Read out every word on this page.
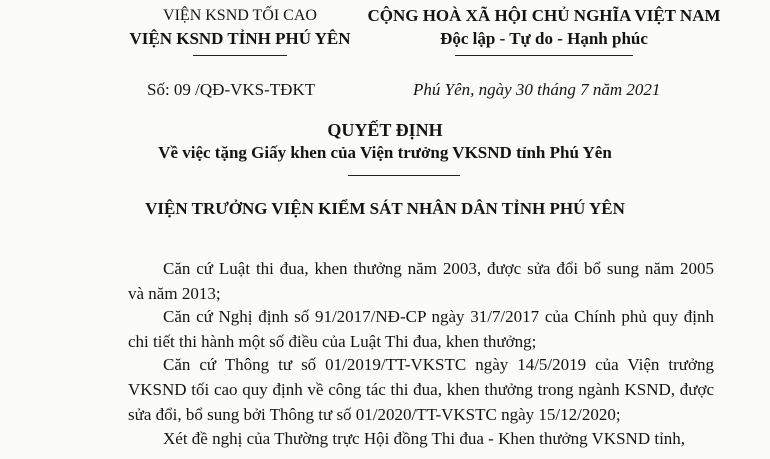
VIỆN KSND TỐI CAO
VIỆN KSND TỈNH PHÚ YÊN
CỘNG HOÀ XÃ HỘI CHỦ NGHĨA VIỆT NAM
Độc lập - Tự do - Hạnh phúc
Số: 09 /QĐ-VKS-TĐKT	Phú Yên, ngày 30 tháng 7 năm 2021
QUYẾT ĐỊNH
Về việc tặng Giấy khen của Viện trưởng VKSND tỉnh Phú Yên
VIỆN TRƯỞNG VIỆN KIỂM SÁT NHÂN DÂN TỈNH PHÚ YÊN
Căn cứ Luật thi đua, khen thưởng năm 2003, được sửa đổi bổ sung năm 2005
và năm 2013;
Căn cứ Nghị định số 91/2017/NĐ-CP ngày 31/7/2017 của Chính phủ quy định
chi tiết thi hành một số điều của Luật Thi đua, khen thưởng;
Căn cứ Thông tư số 01/2019/TT-VKSTC ngày 14/5/2019 của Viện trưởng
VKSND tối cao quy định về công tác thi đua, khen thưởng trong ngành KSND, được
sửa đổi, bổ sung bởi Thông tư số 01/2020/TT-VKSTC ngày 15/12/2020;
Xét đề nghị của Thường trực Hội đồng Thi đua - Khen thưởng VKSND tỉnh,
